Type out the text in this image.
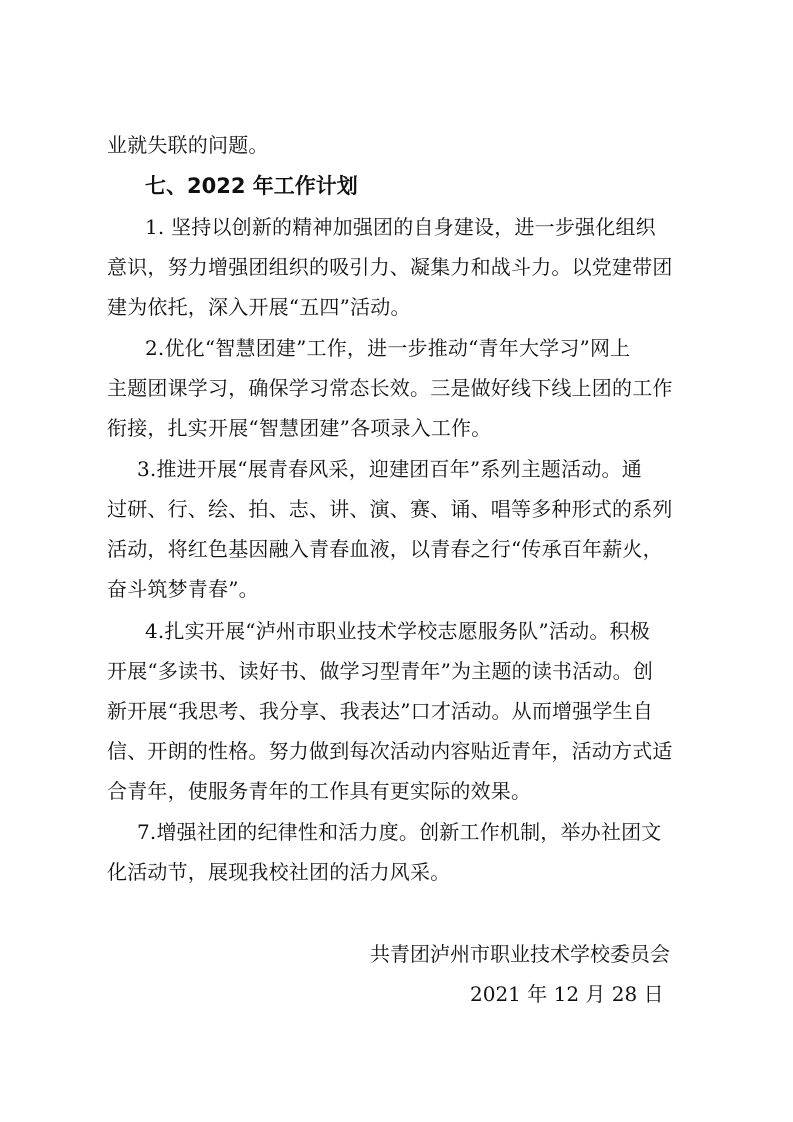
业就失联的问题。
七、2022 年工作计划
1. 坚持以创新的精神加强团的自身建设，进一步强化组织
意识，努力增强团组织的吸引力、凝集力和战斗力。以党建带团
建为依托，深入开展“五四”活动。
2.优化“智慧团建”工作，进一步推动“青年大学习”网上
主题团课学习，确保学习常态长效。三是做好线下线上团的工作
衔接，扎实开展“智慧团建”各项录入工作。
3.推进开展“展青春风采，迎建团百年”系列主题活动。通
过研、行、绘、拍、志、讲、演、赛、诵、唱等多种形式的系列
活动，将红色基因融入青春血液，以青春之行“传承百年薪火，
奋斗筑梦青春”。
4.扎实开展“泸州市职业技术学校志愿服务队”活动。积极
开展“多读书、读好书、做学习型青年”为主题的读书活动。创
新开展“我思考、我分享、我表达”口才活动。从而增强学生自
信、开朗的性格。努力做到每次活动内容贴近青年，活动方式适
合青年，使服务青年的工作具有更实际的效果。
7.增强社团的纪律性和活力度。创新工作机制，举办社团文
化活动节，展现我校社团的活力风采。
共青团泸州市职业技术学校委员会
2021 年 12 月 28 日
